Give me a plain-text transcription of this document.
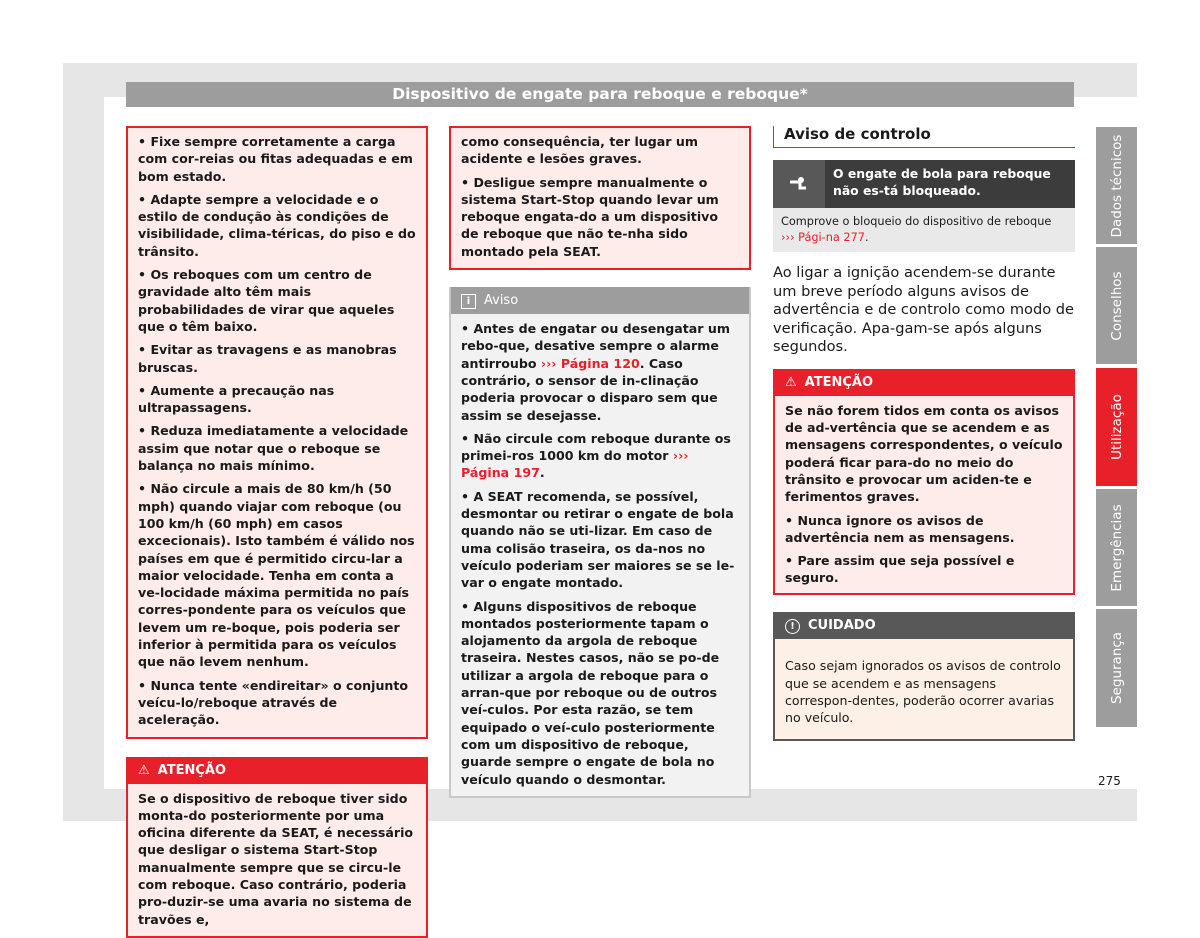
Dispositivo de engate para reboque e reboque*

• Fixe sempre corretamente a carga com cor-reias ou fitas adequadas e em bom estado.

• Adapte sempre a velocidade e o estilo de condução às condições de visibilidade, clima-téricas, do piso e do trânsito.

• Os reboques com um centro de gravidade alto têm mais probabilidades de virar que aqueles que o têm baixo.

• Evitar as travagens e as manobras bruscas.

• Aumente a precaução nas ultrapassagens.

• Reduza imediatamente a velocidade assim que notar que o reboque se balança no mais mínimo.

• Não circule a mais de 80 km/h (50 mph) quando viajar com reboque (ou 100 km/h (60 mph) em casos excecionais). Isto também é válido nos países em que é permitido circu-lar a maior velocidade. Tenha em conta a ve-locidade máxima permitida no país corres-pondente para os veículos que levem um re-boque, pois poderia ser inferior à permitida para os veículos que não levem nenhum.

• Nunca tente «endireitar» o conjunto veícu-lo/reboque através de aceleração.

⚠ ATENÇÃO

Se o dispositivo de reboque tiver sido monta-do posteriormente por uma oficina diferente da SEAT, é necessário que desligar o sistema Start-Stop manualmente sempre que se circu-le com reboque. Caso contrário, poderia pro-duzir-se uma avaria no sistema de travões e,

como consequência, ter lugar um acidente e lesões graves.

• Desligue sempre manualmente o sistema Start-Stop quando levar um reboque engata-do a um dispositivo de reboque que não te-nha sido montado pela SEAT.

i Aviso

• Antes de engatar ou desengatar um rebo-que, desative sempre o alarme antirroubo ››› Página 120. Caso contrário, o sensor de in-clinação poderia provocar o disparo sem que assim se desejasse.

• Não circule com reboque durante os primei-ros 1000 km do motor ››› Página 197.

• A SEAT recomenda, se possível, desmontar ou retirar o engate de bola quando não se uti-lizar. Em caso de uma colisão traseira, os da-nos no veículo poderiam ser maiores se se le-var o engate montado.

• Alguns dispositivos de reboque montados posteriormente tapam o alojamento da argola de reboque traseira. Nestes casos, não se po-de utilizar a argola de reboque para o arran-que por reboque ou de outros veí-culos. Por esta razão, se tem equipado o veí-culo posteriormente com um dispositivo de reboque, guarde sempre o engate de bola no veículo quando o desmontar.

Aviso de controlo
O engate de bola para reboque não es-tá bloqueado.
Comprove o bloqueio do dispositivo de reboque ››› Pági-na 277.

Ao ligar a ignição acendem-se durante um breve período alguns avisos de advertência e de controlo como modo de verificação. Apa-gam-se após alguns segundos.

⚠ ATENÇÃO

Se não forem tidos em conta os avisos de ad-vertência que se acendem e as mensagens correspondentes, o veículo poderá ficar para-do no meio do trânsito e provocar um aciden-te e ferimentos graves.

• Nunca ignore os avisos de advertência nem as mensagens.

• Pare assim que seja possível e seguro.

! CUIDADO

Caso sejam ignorados os avisos de controlo que se acendem e as mensagens correspon-dentes, poderão ocorrer avarias no veículo.

Dados técnicos
Conselhos
Utilização
Emergências
Segurança
275
